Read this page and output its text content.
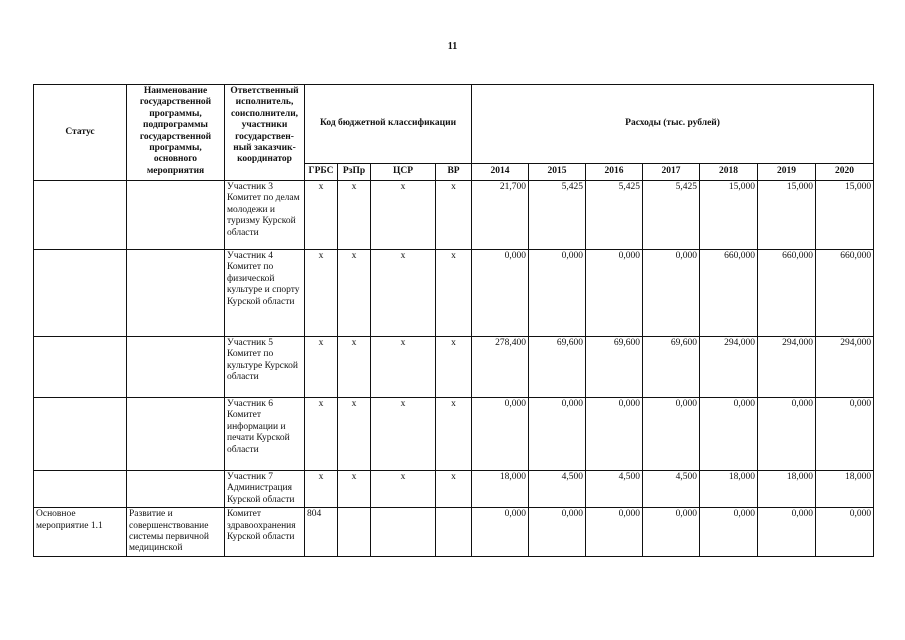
11
Статус	Наименование государственной программы, подпрограммы государственной программы, основного мероприятия	Ответственный исполнитель, соисполнители, участники государствен-ный заказчик-координатор	Код бюджетной классификации				Расходы (тыс. рублей)						
			ГРБС	РзПр	ЦСР	ВР	2014	2015	2016	2017	2018	2019	2020
		Участник 3 Комитет по делам молодежи и туризму Курской области	х	х	х	х	21,700	5,425	5,425	5,425	15,000	15,000	15,000
		Участник 4 Комитет по физической культуре и спорту Курской области	х	х	х	х	0,000	0,000	0,000	0,000	660,000	660,000	660,000
		Участник 5 Комитет по культуре Курской области	х	х	х	х	278,400	69,600	69,600	69,600	294,000	294,000	294,000
		Участник 6 Комитет информации и печати Курской области	х	х	х	х	0,000	0,000	0,000	0,000	0,000	0,000	0,000
		Участник 7 Администрация Курской области	х	х	х	х	18,000	4,500	4,500	4,500	18,000	18,000	18,000
Основное мероприятие 1.1	Развитие и совершенствование системы первичной медицинской	Комитет здравоохранения Курской области	804				0,000	0,000	0,000	0,000	0,000	0,000	0,000
